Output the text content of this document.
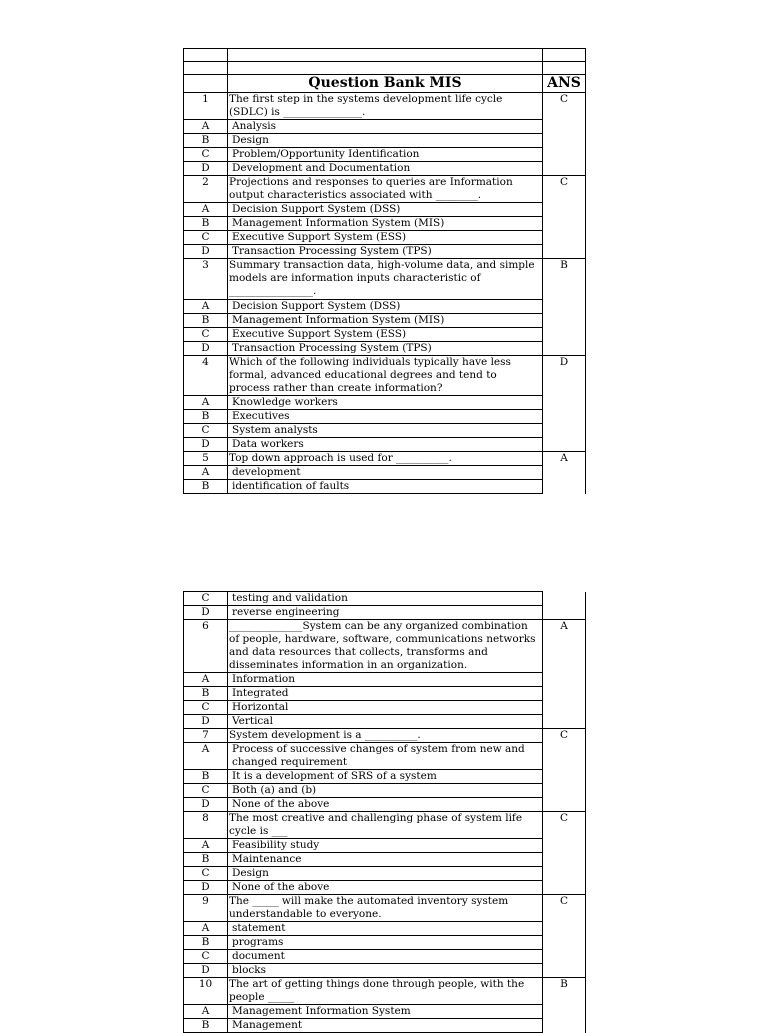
	Question Bank MIS	ANS
1	The first step in the systems development life cycle (SDLC) is _______________.	C
A	Analysis	
B	Design	
C	Problem/Opportunity Identification	
D	Development and Documentation	
2	Projections and responses to queries are Information output characteristics associated with ________.	C
A	Decision Support System (DSS)	
B	Management Information System (MIS)	
C	Executive Support System (ESS)	
D	Transaction Processing System (TPS)	
3	Summary transaction data, high-volume data, and simple models are information inputs characteristic of ________________.	B
A	Decision Support System (DSS)	
B	Management Information System (MIS)	
C	Executive Support System (ESS)	
D	Transaction Processing System (TPS)	
4	Which of the following individuals typically have less formal, advanced educational degrees and tend to process rather than create information?	D
A	Knowledge workers	
B	Executives	
C	System analysts	
D	Data workers	
5	Top down approach is used for __________.	A
A	development	
B	identification of faults	
C	testing and validation	
D	reverse engineering	
6	______________System can be any organized combination of people, hardware, software, communications networks and data resources that collects, transforms and disseminates information in an organization.	A
A	Information	
B	Integrated	
C	Horizontal	
D	Vertical	
7	System development is a __________.	C
A	Process of successive changes of system from new and changed requirement	
B	It is a development of SRS of a system	
C	Both (a) and (b)	
D	None of the above	
8	The most creative and challenging phase of system life cycle is ___	C
A	Feasibility study	
B	Maintenance	
C	Design	
D	None of the above	
9	The _____ will make the automated inventory system understandable to everyone.	C
A	statement	
B	programs	
C	document	
D	blocks	
10	The art of getting things done through people, with the people _____	B
A	Management Information System	
B	Management	
